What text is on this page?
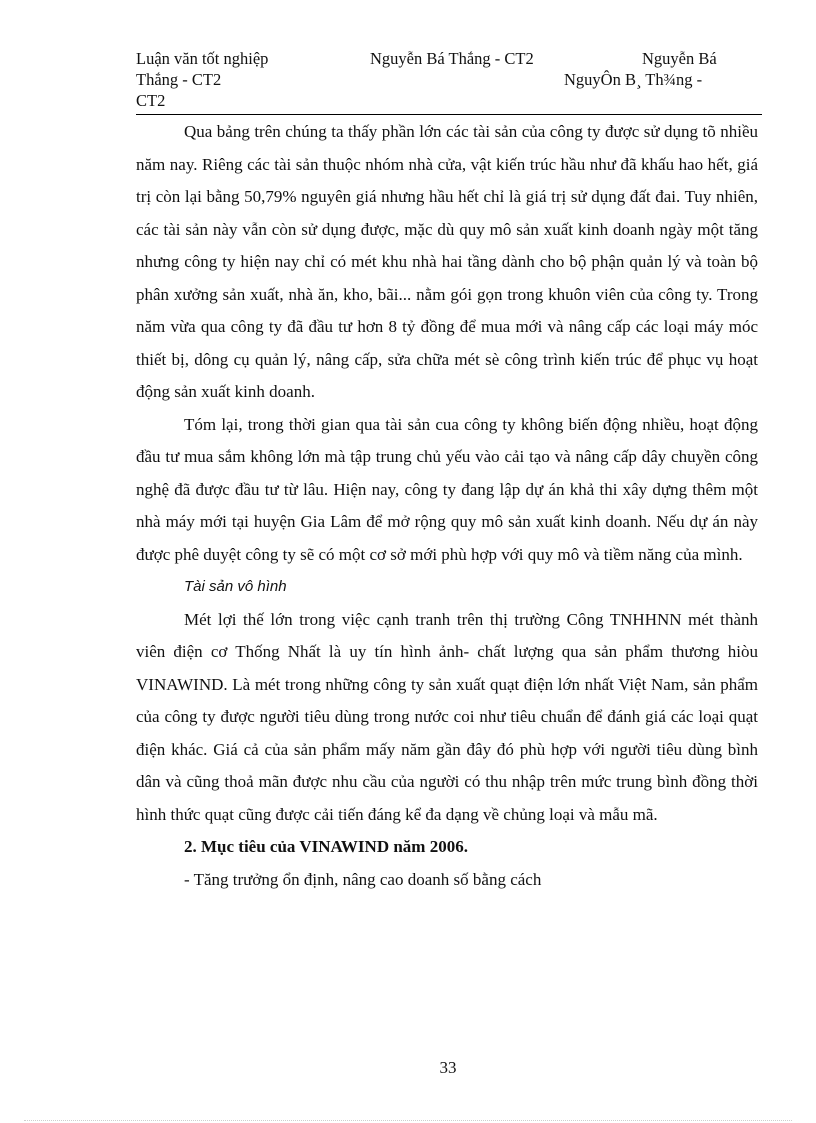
Luận văn tốt nghiệp	Nguyễn Bá Thắng - CT2	Nguyễn Bá
Thắng - CT2	NguyÔn B¸ Th¾ng -
CT2

Qua bảng trên chúng ta thấy phần lớn các tài sản của công ty được sử dụng tõ nhiều năm nay. Riêng các tài sản thuộc nhóm nhà cửa, vật kiến trúc hầu như đã khấu hao hết, giá trị còn lại bằng 50,79% nguyên giá nhưng hầu hết chỉ là giá trị sử dụng đất đai. Tuy nhiên, các tài sản này vẫn còn sử dụng được, mặc dù quy mô sản xuất kinh doanh ngày một tăng nhưng công ty hiện nay chỉ có mét khu nhà hai tầng dành cho bộ phận quản lý và toàn bộ phân xưởng sản xuất, nhà ăn, kho, bãi... nằm gói gọn trong khuôn viên của công ty. Trong năm vừa qua công ty đã đầu tư hơn 8 tỷ đồng để mua mới và nâng cấp các loại máy móc thiết bị, dông cụ quản lý, nâng cấp, sửa chữa mét sè công trình kiến trúc để phục vụ hoạt động sản xuất kinh doanh.

Tóm lại, trong thời gian qua tài sản cua công ty không biến động nhiều, hoạt động đầu tư mua sắm không lớn mà tập trung chủ yếu vào cải tạo và nâng cấp dây chuyền công nghệ đã được đầu tư từ lâu. Hiện nay, công ty đang lập dự án khả thi xây dựng thêm một nhà máy mới tại huyện Gia Lâm để mở rộng quy mô sản xuất kinh doanh. Nếu dự án này được phê duyệt công ty sẽ có một cơ sở mới phù hợp với quy mô và tiềm năng của mình.

Tài sản vô hình

Mét lợi thế lớn trong việc cạnh tranh trên thị trường Công TNHHNN mét thành viên điện cơ Thống Nhất là uy tín hình ảnh- chất lượng qua sản phẩm thương hiòu VINAWIND. Là mét trong những công ty sản xuất quạt điện lớn nhất Việt Nam, sản phẩm của công ty được người tiêu dùng trong nước coi như tiêu chuẩn để đánh giá các loại quạt điện khác. Giá cả của sản phẩm mấy năm gần đây đó phù hợp với người tiêu dùng bình dân và cũng thoả mãn được nhu cầu của người có thu nhập trên mức trung bình đồng thời hình thức quạt cũng được cải tiến đáng kể đa dạng về chủng loại và mẫu mã.

2. Mục tiêu của VINAWIND năm 2006.

- Tăng trưởng ổn định, nâng cao doanh số bằng cách

33
